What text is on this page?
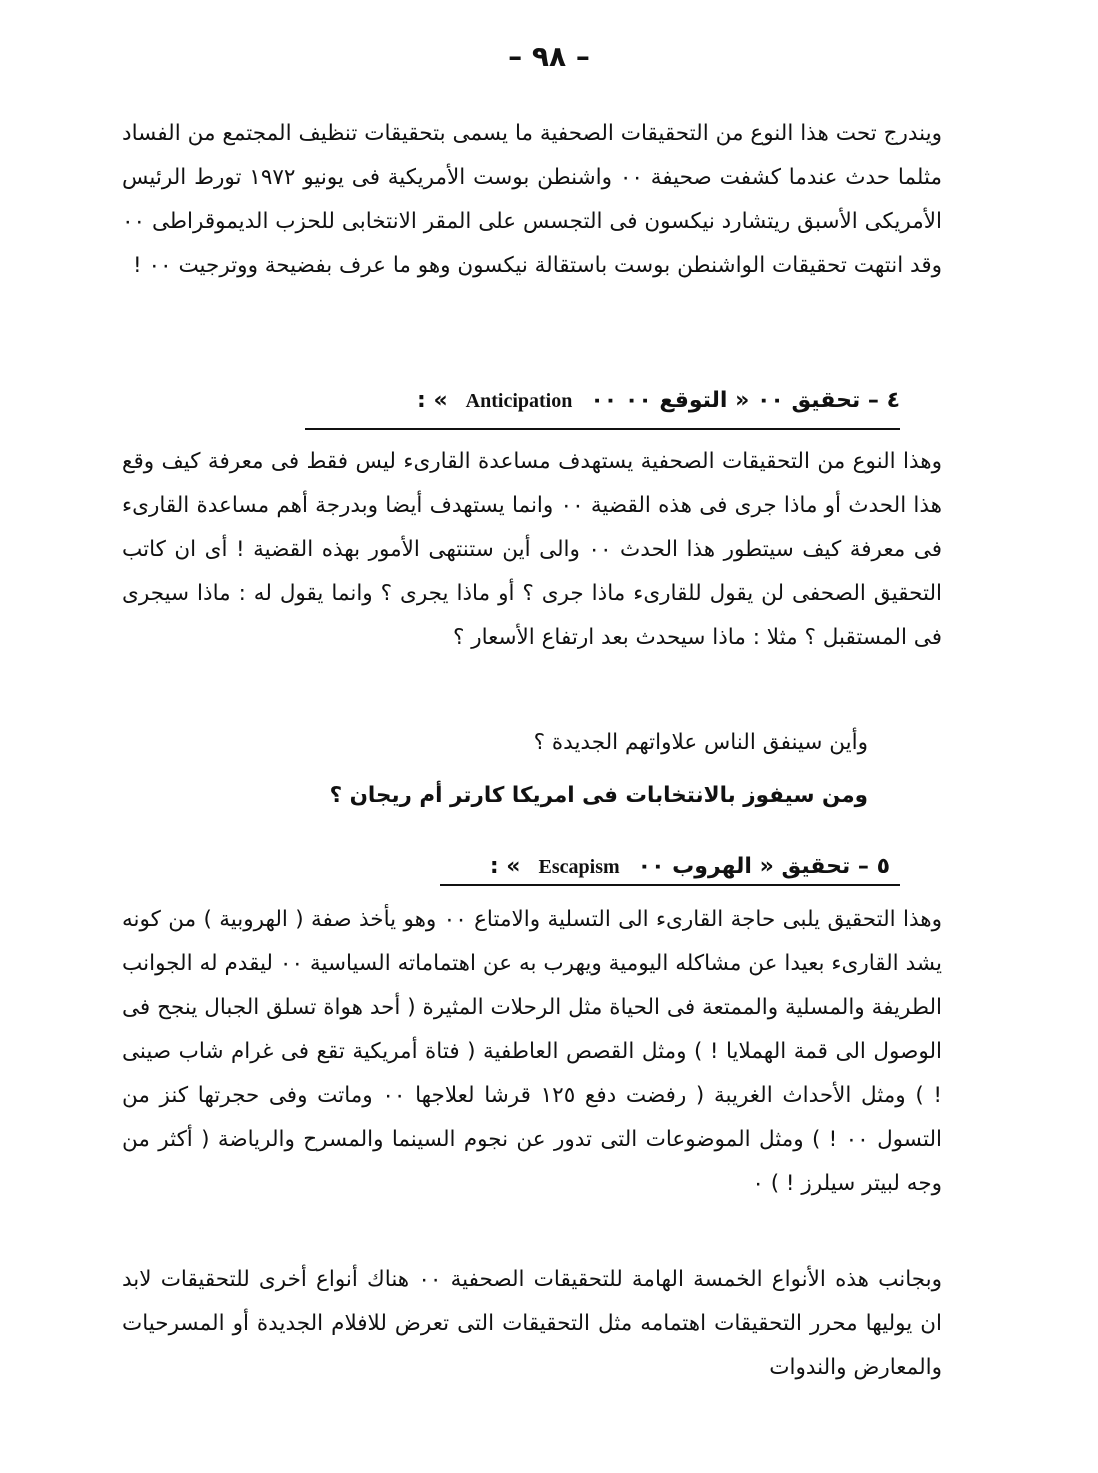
– ٩٨ –

ويندرج تحت هذا النوع من التحقيقات الصحفية ما يسمى بتحقيقات تنظيف المجتمع من الفساد مثلما حدث عندما كشفت صحيفة ٠٠ واشنطن بوست الأمريكية فى يونيو ١٩٧٢ تورط الرئيس الأمريكى الأسبق ريتشارد نيكسون فى التجسس على المقر الانتخابى للحزب الديموقراطى ٠٠ وقد انتهت تحقيقات الواشنطن بوست باستقالة نيكسون وهو ما عرف بفضيحة ووترجيت ٠٠ !

٤ – تحقيق ٠٠ « التوقع ٠٠ ٠٠Anticipation» :

وهذا النوع من التحقيقات الصحفية يستهدف مساعدة القارىء ليس فقط فى معرفة كيف وقع هذا الحدث أو ماذا جرى فى هذه القضية ٠٠ وانما يستهدف أيضا وبدرجة أهم مساعدة القارىء فى معرفة كيف سيتطور هذا الحدث ٠٠ والى أين ستنتهى الأمور بهذه القضية ! أى ان كاتب التحقيق الصحفى لن يقول للقارىء ماذا جرى ؟ أو ماذا يجرى ؟ وانما يقول له : ماذا سيجرى فى المستقبل ؟ مثلا : ماذا سيحدث بعد ارتفاع الأسعار ؟

وأين سينفق الناس علاواتهم الجديدة ؟
ومن سيفوز بالانتخابات فى امريكا كارتر أم ريجان ؟
٥ – تحقيق « الهروب ٠٠Escapism» :

وهذا التحقيق يلبى حاجة القارىء الى التسلية والامتاع ٠٠ وهو يأخذ صفة ( الهروبية ) من كونه يشد القارىء بعيدا عن مشاكله اليومية ويهرب به عن اهتماماته السياسية ٠٠ ليقدم له الجوانب الطريفة والمسلية والممتعة فى الحياة مثل الرحلات المثيرة ( أحد هواة تسلق الجبال ينجح فى الوصول الى قمة الهملايا ! ) ومثل القصص العاطفية ( فتاة أمريكية تقع فى غرام شاب صينى ! ) ومثل الأحداث الغريبة ( رفضت دفع ١٢٥ قرشا لعلاجها ٠٠ وماتت وفى حجرتها كنز من التسول ٠٠ ! ) ومثل الموضوعات التى تدور عن نجوم السينما والمسرح والرياضة ( أكثر من وجه لبيتر سيلرز ! ) ٠

وبجانب هذه الأنواع الخمسة الهامة للتحقيقات الصحفية ٠٠ هناك أنواع أخرى للتحقيقات لابد ان يوليها محرر التحقيقات اهتمامه مثل التحقيقات التى تعرض للافلام الجديدة أو المسرحيات والمعارض والندوات
